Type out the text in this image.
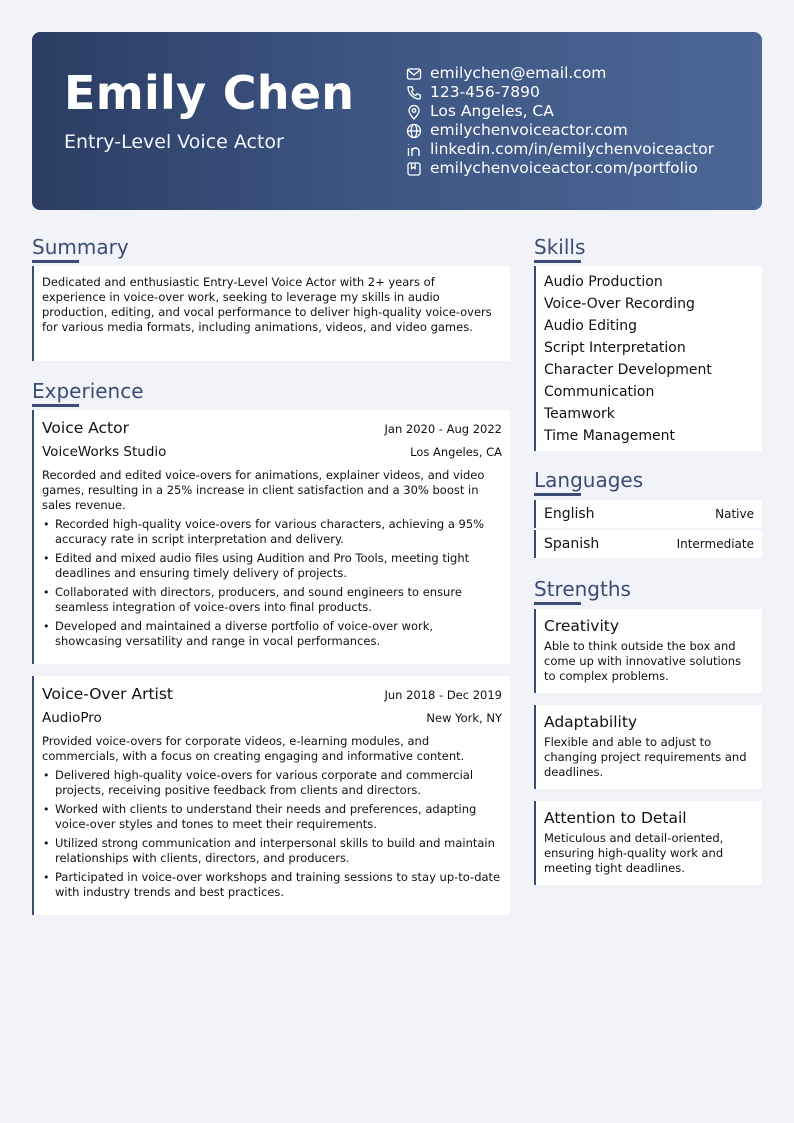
Emily Chen
Entry-Level Voice Actor
emilychen@email.com
123-456-7890
Los Angeles, CA
emilychenvoiceactor.com
linkedin.com/in/emilychenvoiceactor
emilychenvoiceactor.com/portfolio
Summary
Dedicated and enthusiastic Entry-Level Voice Actor with 2+ years of experience in voice-over work, seeking to leverage my skills in audio production, editing, and vocal performance to deliver high-quality voice-overs for various media formats, including animations, videos, and video games.
Experience
Voice Actor	Jan 2020 - Aug 2022
VoiceWorks Studio	Los Angeles, CA
Recorded and edited voice-overs for animations, explainer videos, and video games, resulting in a 25% increase in client satisfaction and a 30% boost in sales revenue.
• Recorded high-quality voice-overs for various characters, achieving a 95% accuracy rate in script interpretation and delivery.
• Edited and mixed audio files using Audition and Pro Tools, meeting tight deadlines and ensuring timely delivery of projects.
• Collaborated with directors, producers, and sound engineers to ensure seamless integration of voice-overs into final products.
• Developed and maintained a diverse portfolio of voice-over work, showcasing versatility and range in vocal performances.
Voice-Over Artist	Jun 2018 - Dec 2019
AudioPro	New York, NY
Provided voice-overs for corporate videos, e-learning modules, and commercials, with a focus on creating engaging and informative content.
• Delivered high-quality voice-overs for various corporate and commercial projects, receiving positive feedback from clients and directors.
• Worked with clients to understand their needs and preferences, adapting voice-over styles and tones to meet their requirements.
• Utilized strong communication and interpersonal skills to build and maintain relationships with clients, directors, and producers.
• Participated in voice-over workshops and training sessions to stay up-to-date with industry trends and best practices.
Skills
Audio Production
Voice-Over Recording
Audio Editing
Script Interpretation
Character Development
Communication
Teamwork
Time Management
Languages
English	Native
Spanish	Intermediate
Strengths
Creativity
Able to think outside the box and come up with innovative solutions to complex problems.
Adaptability
Flexible and able to adjust to changing project requirements and deadlines.
Attention to Detail
Meticulous and detail-oriented, ensuring high-quality work and meeting tight deadlines.
